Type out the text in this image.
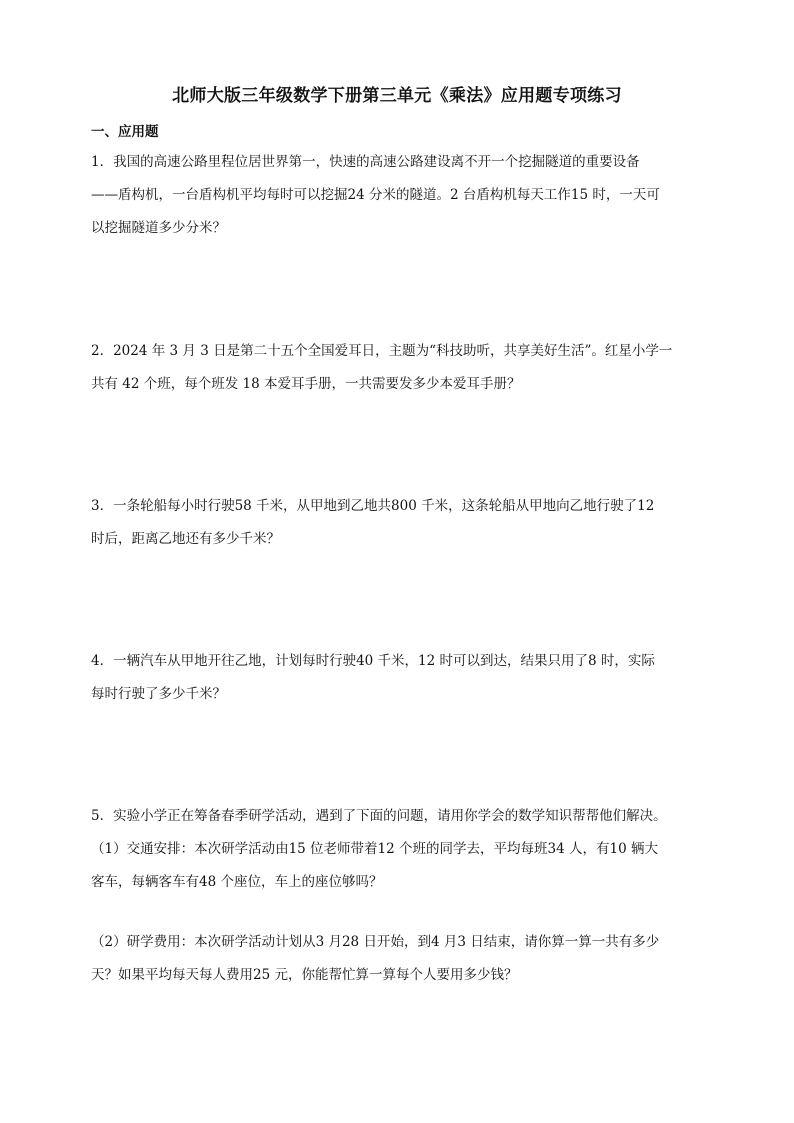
北师大版三年级数学下册第三单元《乘法》应用题专项练习
一、应用题
1．我国的高速公路里程位居世界第一，快速的高速公路建设离不开一个挖掘隧道的重要设备
——盾构机，一台盾构机平均每时可以挖掘24 分米的隧道。2 台盾构机每天工作15 时，一天可
以挖掘隧道多少分米？
2．2024 年 3 月 3 日是第二十五个全国爱耳日，主题为“科技助听，共享美好生活”。红星小学一
共有 42 个班，每个班发 18 本爱耳手册，一共需要发多少本爱耳手册？
3．一条轮船每小时行驶58 千米，从甲地到乙地共800 千米，这条轮船从甲地向乙地行驶了12
时后，距离乙地还有多少千米？
4．一辆汽车从甲地开往乙地，计划每时行驶40 千米，12 时可以到达，结果只用了8 时，实际
每时行驶了多少千米？
5．实验小学正在筹备春季研学活动，遇到了下面的问题，请用你学会的数学知识帮帮他们解决。
（1）交通安排：本次研学活动由15 位老师带着12 个班的同学去，平均每班34 人，有10 辆大
客车，每辆客车有48 个座位，车上的座位够吗？
（2）研学费用：本次研学活动计划从3 月28 日开始，到4 月3 日结束，请你算一算一共有多少
天？如果平均每天每人费用25 元，你能帮忙算一算每个人要用多少钱？
